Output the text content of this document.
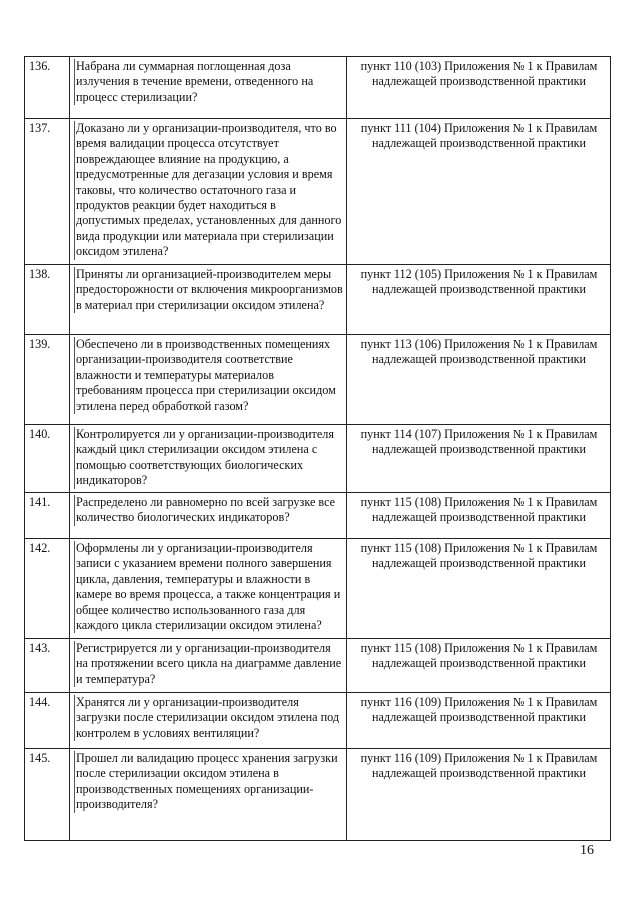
136.	Набрана ли суммарная поглощенная доза излучения в течение времени, отведенного на процесс стерилизации?	пункт 110 (103) Приложения № 1 к Правилам надлежащей производственной практики

137.	Доказано ли у организации-производителя, что во время валидации процесса отсутствует повреждающее влияние на продукцию, а предусмотренные для дегазации условия и время таковы, что количество остаточного газа и продуктов реакции будет находиться в допустимых пределах, установленных для данного вида продукции или материала при стерилизации оксидом этилена?	пункт 111 (104) Приложения № 1 к Правилам надлежащей производственной практики

138.	Приняты ли организацией-производителем меры предосторожности от включения микроорганизмов в материал при стерилизации оксидом этилена?	пункт 112 (105) Приложения № 1 к Правилам надлежащей производственной практики

139.	Обеспечено ли в производственных помещениях организации-производителя соответствие влажности и температуры материалов требованиям процесса при стерилизации оксидом этилена перед обработкой газом?	пункт 113 (106) Приложения № 1 к Правилам надлежащей производственной практики

140.	Контролируется ли у организации-производителя каждый цикл стерилизации оксидом этилена с помощью соответствующих биологических индикаторов?	пункт 114 (107) Приложения № 1 к Правилам надлежащей производственной практики

141.	Распределено ли равномерно по всей загрузке все количество биологических индикаторов?	пункт 115 (108) Приложения № 1 к Правилам надлежащей производственной практики

142.	Оформлены ли у организации-производителя записи с указанием времени полного завершения цикла, давления, температуры и влажности в камере во время процесса, а также концентрация и общее количество использованного газа для каждого цикла стерилизации оксидом этилена?	пункт 115 (108) Приложения № 1 к Правилам надлежащей производственной практики

143.	Регистрируется ли у организации-производителя на протяжении всего цикла на диаграмме давление и температура?	пункт 115 (108) Приложения № 1 к Правилам надлежащей производственной практики

144.	Хранятся ли у организации-производителя загрузки после стерилизации оксидом этилена под контролем в условиях вентиляции?	пункт 116 (109) Приложения № 1 к Правилам надлежащей производственной практики

145.	Прошел ли валидацию процесс хранения загрузки после стерилизации оксидом этилена в производственных помещениях организации-производителя?	пункт 116 (109) Приложения № 1 к Правилам надлежащей производственной практики
16
